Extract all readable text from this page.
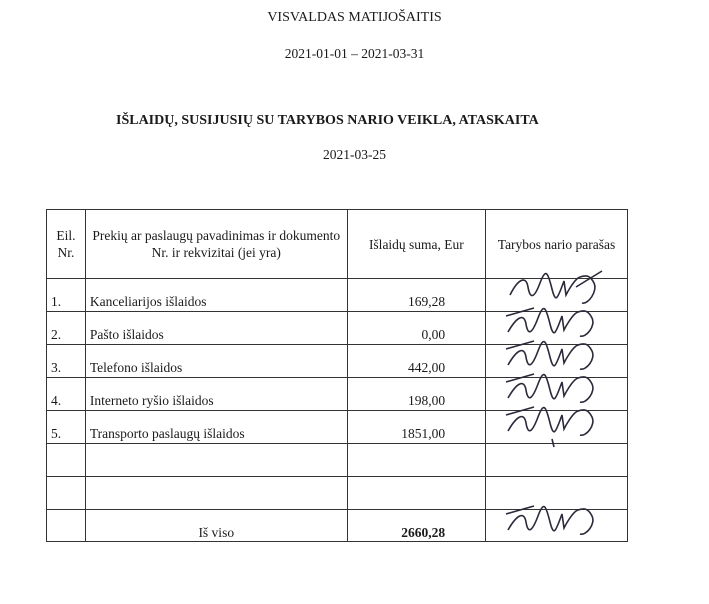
VISVALDAS MATIJOŠAITIS
2021-01-01 – 2021-03-31
IŠLAIDŲ, SUSIJUSIŲ SU TARYBOS NARIO VEIKLA, ATASKAITA
2021-03-25
Eil. Nr.	Prekių ar paslaugų pavadinimas ir dokumento Nr. ir rekvizitai (jei yra)	Išlaidų suma, Eur	Tarybos nario parašas
1.	Kanceliarijos išlaidos	169,28	

2.	Pašto išlaidos	0,00	

3.	Telefono išlaidos	442,00	

4.	Interneto ryšio išlaidos	198,00	

5.	Transporto paslaugų išlaidos	1851,00	

	Iš viso	2660,28	
